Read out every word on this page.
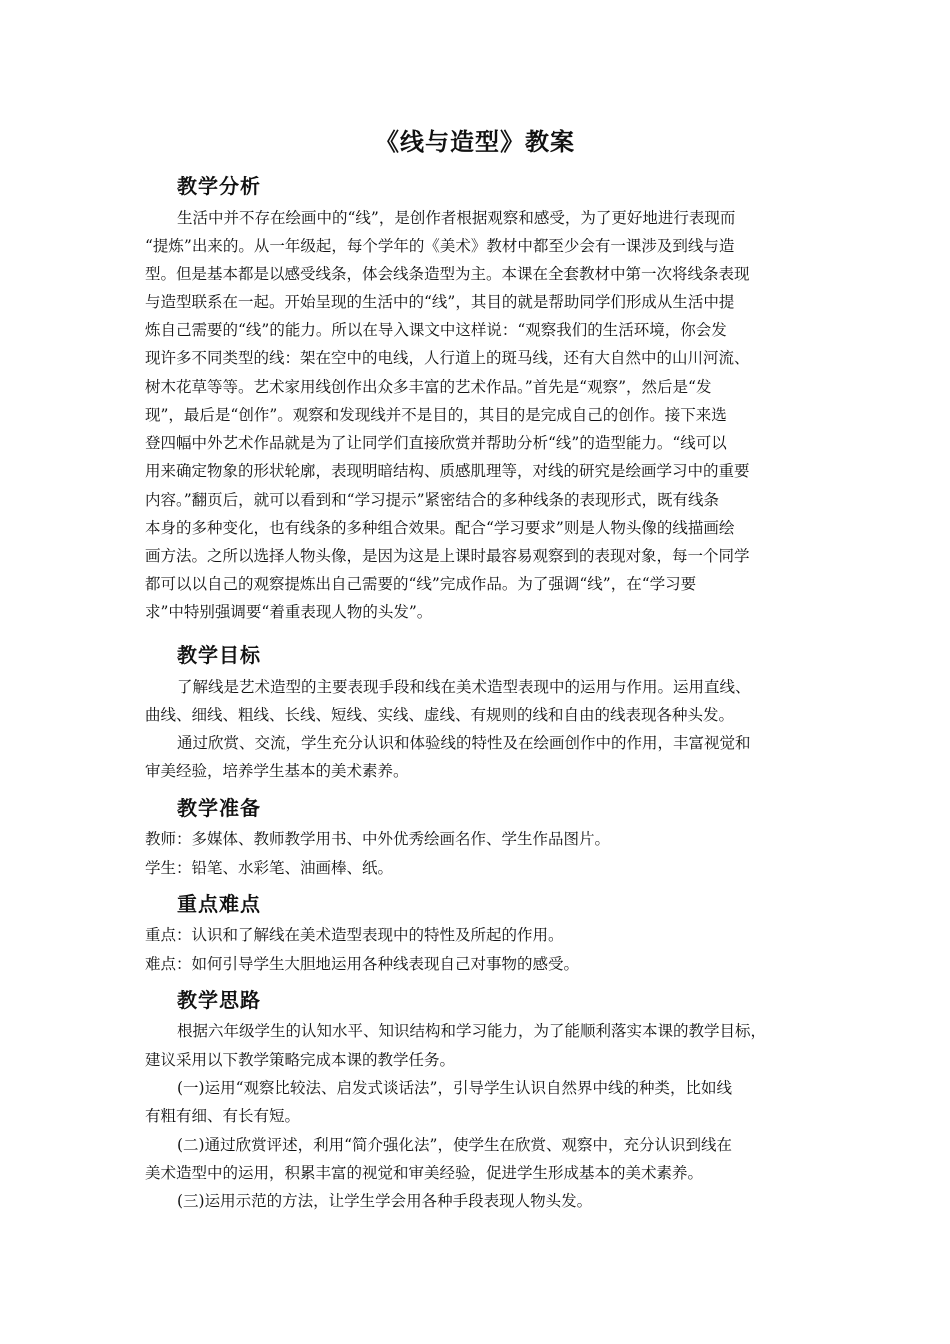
《线与造型》教案
教学分析
生活中并不存在绘画中的“线”，是创作者根据观察和感受，为了更好地进行表现而
“提炼”出来的。从一年级起，每个学年的《美术》教材中都至少会有一课涉及到线与造
型。但是基本都是以感受线条，体会线条造型为主。本课在全套教材中第一次将线条表现
与造型联系在一起。开始呈现的生活中的“线”，其目的就是帮助同学们形成从生活中提
炼自己需要的“线”的能力。所以在导入课文中这样说：“观察我们的生活环境，你会发
现许多不同类型的线：架在空中的电线，人行道上的斑马线，还有大自然中的山川河流、
树木花草等等。艺术家用线创作出众多丰富的艺术作品。”首先是“观察”，然后是“发
现”，最后是“创作”。观察和发现线并不是目的，其目的是完成自己的创作。接下来选
登四幅中外艺术作品就是为了让同学们直接欣赏并帮助分析“线”的造型能力。“线可以
用来确定物象的形状轮廓，表现明暗结构、质感肌理等，对线的研究是绘画学习中的重要
内容。”翻页后，就可以看到和“学习提示”紧密结合的多种线条的表现形式，既有线条
本身的多种变化，也有线条的多种组合效果。配合“学习要求”则是人物头像的线描画绘
画方法。之所以选择人物头像，是因为这是上课时最容易观察到的表现对象，每一个同学
都可以以自己的观察提炼出自己需要的“线”完成作品。为了强调“线”，在“学习要
求”中特别强调要“着重表现人物的头发”。
教学目标
了解线是艺术造型的主要表现手段和线在美术造型表现中的运用与作用。运用直线、
曲线、细线、粗线、长线、短线、实线、虚线、有规则的线和自由的线表现各种头发。
通过欣赏、交流，学生充分认识和体验线的特性及在绘画创作中的作用，丰富视觉和
审美经验，培养学生基本的美术素养。
教学准备
教师：多媒体、教师教学用书、中外优秀绘画名作、学生作品图片。
学生：铅笔、水彩笔、油画棒、纸。
重点难点
重点：认识和了解线在美术造型表现中的特性及所起的作用。
难点：如何引导学生大胆地运用各种线表现自己对事物的感受。
教学思路
根据六年级学生的认知水平、知识结构和学习能力，为了能顺利落实本课的教学目标，
建议采用以下教学策略完成本课的教学任务。
(一)运用“观察比较法、启发式谈话法”，引导学生认识自然界中线的种类，比如线
有粗有细、有长有短。
(二)通过欣赏评述，利用“简介强化法”，使学生在欣赏、观察中，充分认识到线在
美术造型中的运用，积累丰富的视觉和审美经验，促进学生形成基本的美术素养。
(三)运用示范的方法，让学生学会用各种手段表现人物头发。
